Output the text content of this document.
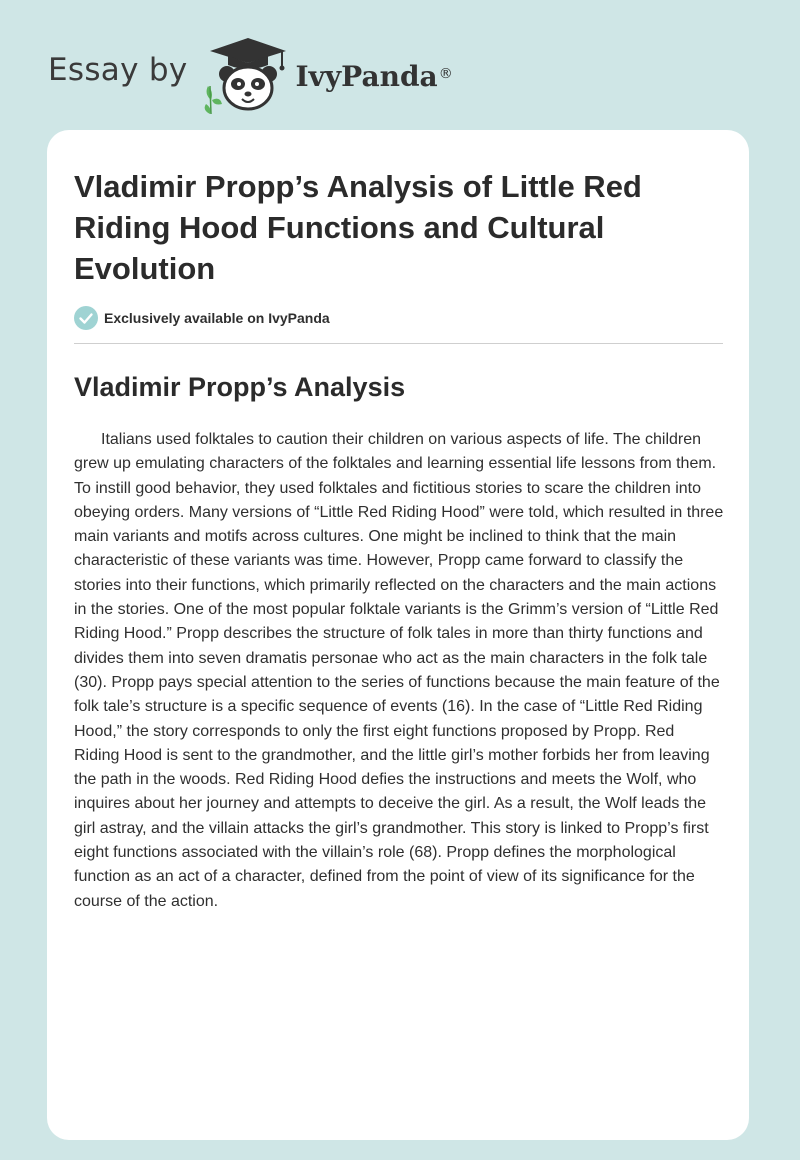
Essay by	IvyPanda ®
Vladimir Propp’s Analysis of Little Red Riding Hood Functions and Cultural Evolution
Exclusively available on IvyPanda
Vladimir Propp’s Analysis

Italians used folktales to caution their children on various aspects of life. The children grew up emulating characters of the folktales and learning essential life lessons from them. To instill good behavior, they used folktales and fictitious stories to scare the children into obeying orders. Many versions of “Little Red Riding Hood” were told, which resulted in three main variants and motifs across cultures. One might be inclined to think that the main characteristic of these variants was time. However, Propp came forward to classify the stories into their functions, which primarily reflected on the characters and the main actions in the stories. One of the most popular folktale variants is the Grimm’s version of “Little Red Riding Hood.” Propp describes the structure of folk tales in more than thirty functions and divides them into seven dramatis personae who act as the main characters in the folk tale (30). Propp pays special attention to the series of functions because the main feature of the folk tale’s structure is a specific sequence of events (16). In the case of “Little Red Riding Hood,” the story corresponds to only the first eight functions proposed by Propp. Red Riding Hood is sent to the grandmother, and the little girl’s mother forbids her from leaving the path in the woods. Red Riding Hood defies the instructions and meets the Wolf, who inquires about her journey and attempts to deceive the girl. As a result, the Wolf leads the girl astray, and the villain attacks the girl’s grandmother. This story is linked to Propp’s first eight functions associated with the villain’s role (68). Propp defines the morphological function as an act of a character, defined from the point of view of its significance for the course of the action.
